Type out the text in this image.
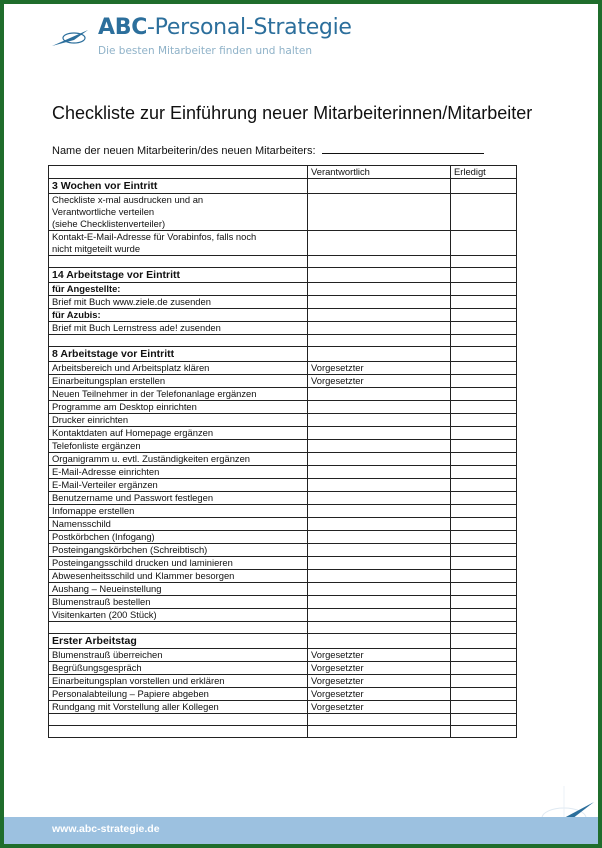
ABC-Personal-Strategie
Die besten Mitarbeiter finden und halten
Checkliste zur Einführung neuer Mitarbeiterinnen/Mitarbeiter
Name der neuen Mitarbeiterin/des neuen Mitarbeiters:
	Verantwortlich	Erledigt
3 Wochen vor Eintritt		

Checkliste x-mal ausdrucken und an
Verantwortliche verteilen
(siehe Checklistenverteiler)		

Kontakt-E-Mail-Adresse für Vorabinfos, falls noch
nicht mitgeteilt wurde		

14 Arbeitstage vor Eintritt		
für Angestellte:		
Brief mit Buch www.ziele.de zusenden		
für Azubis:		
Brief mit Buch Lernstress ade! zusenden		

8 Arbeitstage vor Eintritt		
Arbeitsbereich und Arbeitsplatz klären	Vorgesetzter	
Einarbeitungsplan erstellen	Vorgesetzter	
Neuen Teilnehmer in der Telefonanlage ergänzen		
Programme am Desktop einrichten		
Drucker einrichten		
Kontaktdaten auf Homepage ergänzen		
Telefonliste ergänzen		
Organigramm u. evtl. Zuständigkeiten ergänzen		
E-Mail-Adresse einrichten		
E-Mail-Verteiler ergänzen		
Benutzername und Passwort festlegen		
Infomappe erstellen		
Namensschild		
Postkörbchen (Infogang)		
Posteingangskörbchen (Schreibtisch)		
Posteingangsschild drucken und laminieren		
Abwesenheitsschild und Klammer besorgen		
Aushang – Neueinstellung		
Blumenstrauß bestellen		
Visitenkarten (200 Stück)		

Erster Arbeitstag		
Blumenstrauß überreichen	Vorgesetzter	
Begrüßungsgespräch	Vorgesetzter	
Einarbeitungsplan vorstellen und erklären	Vorgesetzter	
Personalabteilung – Papiere abgeben	Vorgesetzter	
Rundgang mit Vorstellung aller Kollegen	Vorgesetzter	

www.abc-strategie.de
